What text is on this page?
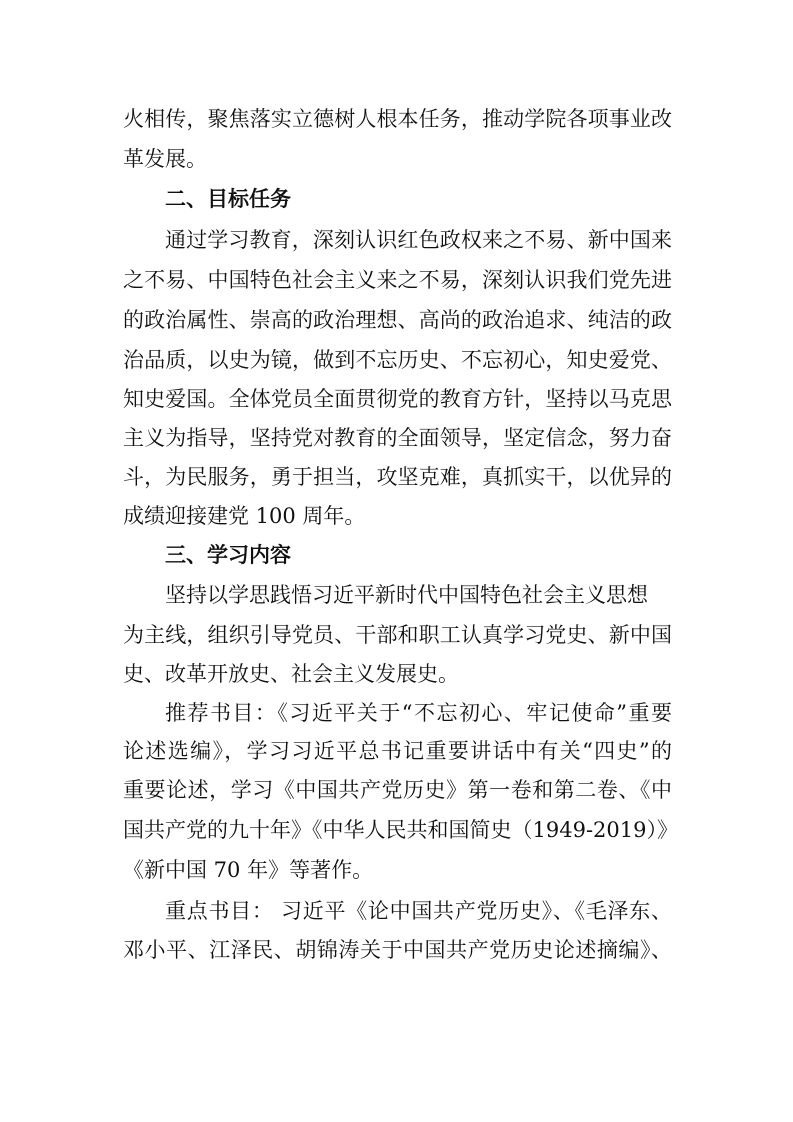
火相传，聚焦落实立德树人根本任务，推动学院各项事业改
革发展。
二、目标任务
通过学习教育，深刻认识红色政权来之不易、新中国来
之不易、中国特色社会主义来之不易，深刻认识我们党先进
的政治属性、崇高的政治理想、高尚的政治追求、纯洁的政
治品质，以史为镜，做到不忘历史、不忘初心，知史爱党、
知史爱国。全体党员全面贯彻党的教育方针，坚持以马克思
主义为指导，坚持党对教育的全面领导，坚定信念，努力奋
斗，为民服务，勇于担当，攻坚克难，真抓实干，以优异的
成绩迎接建党 100 周年。
三、学习内容
坚持以学思践悟习近平新时代中国特色社会主义思想
为主线，组织引导党员、干部和职工认真学习党史、新中国
史、改革开放史、社会主义发展史。
推荐书目：《习近平关于“不忘初心、牢记使命”重要
论述选编》，学习习近平总书记重要讲话中有关“四史”的
重要论述，学习《中国共产党历史》第一卷和第二卷、《中
国共产党的九十年》《中华人民共和国简史（1949-2019）》
《新中国 70 年》等著作。
重点书目： 习近平《论中国共产党历史》、《毛泽东、
邓小平、江泽民、胡锦涛关于中国共产党历史论述摘编》、
